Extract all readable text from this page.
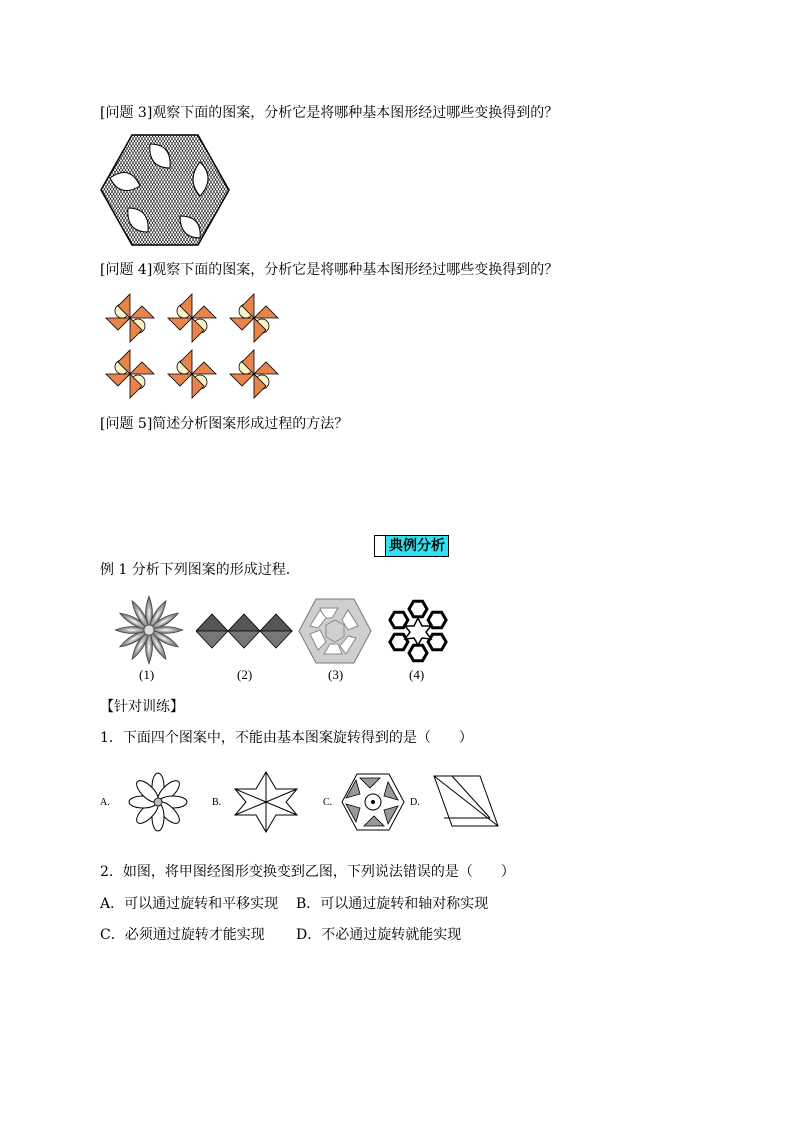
[问题 3]观察下面的图案，分析它是将哪种基本图形经过哪些变换得到的？
[问题 4]观察下面的图案，分析它是将哪种基本图形经过哪些变换得到的？
[问题 5]简述分析图案形成过程的方法？
典例分析
例 1 分析下列图案的形成过程.
(1)	(2)	(3)	(4)
【针对训练】
1．下面四个图案中，不能由基本图案旋转得到的是（　　）
A.	B.	C.	D.
2．如图，将甲图经图形变换变到乙图，下列说法错误的是（　　）
A．可以通过旋转和平移实现 B．可以通过旋转和轴对称实现
C．必须通过旋转才能实现 D．不必通过旋转就能实现
